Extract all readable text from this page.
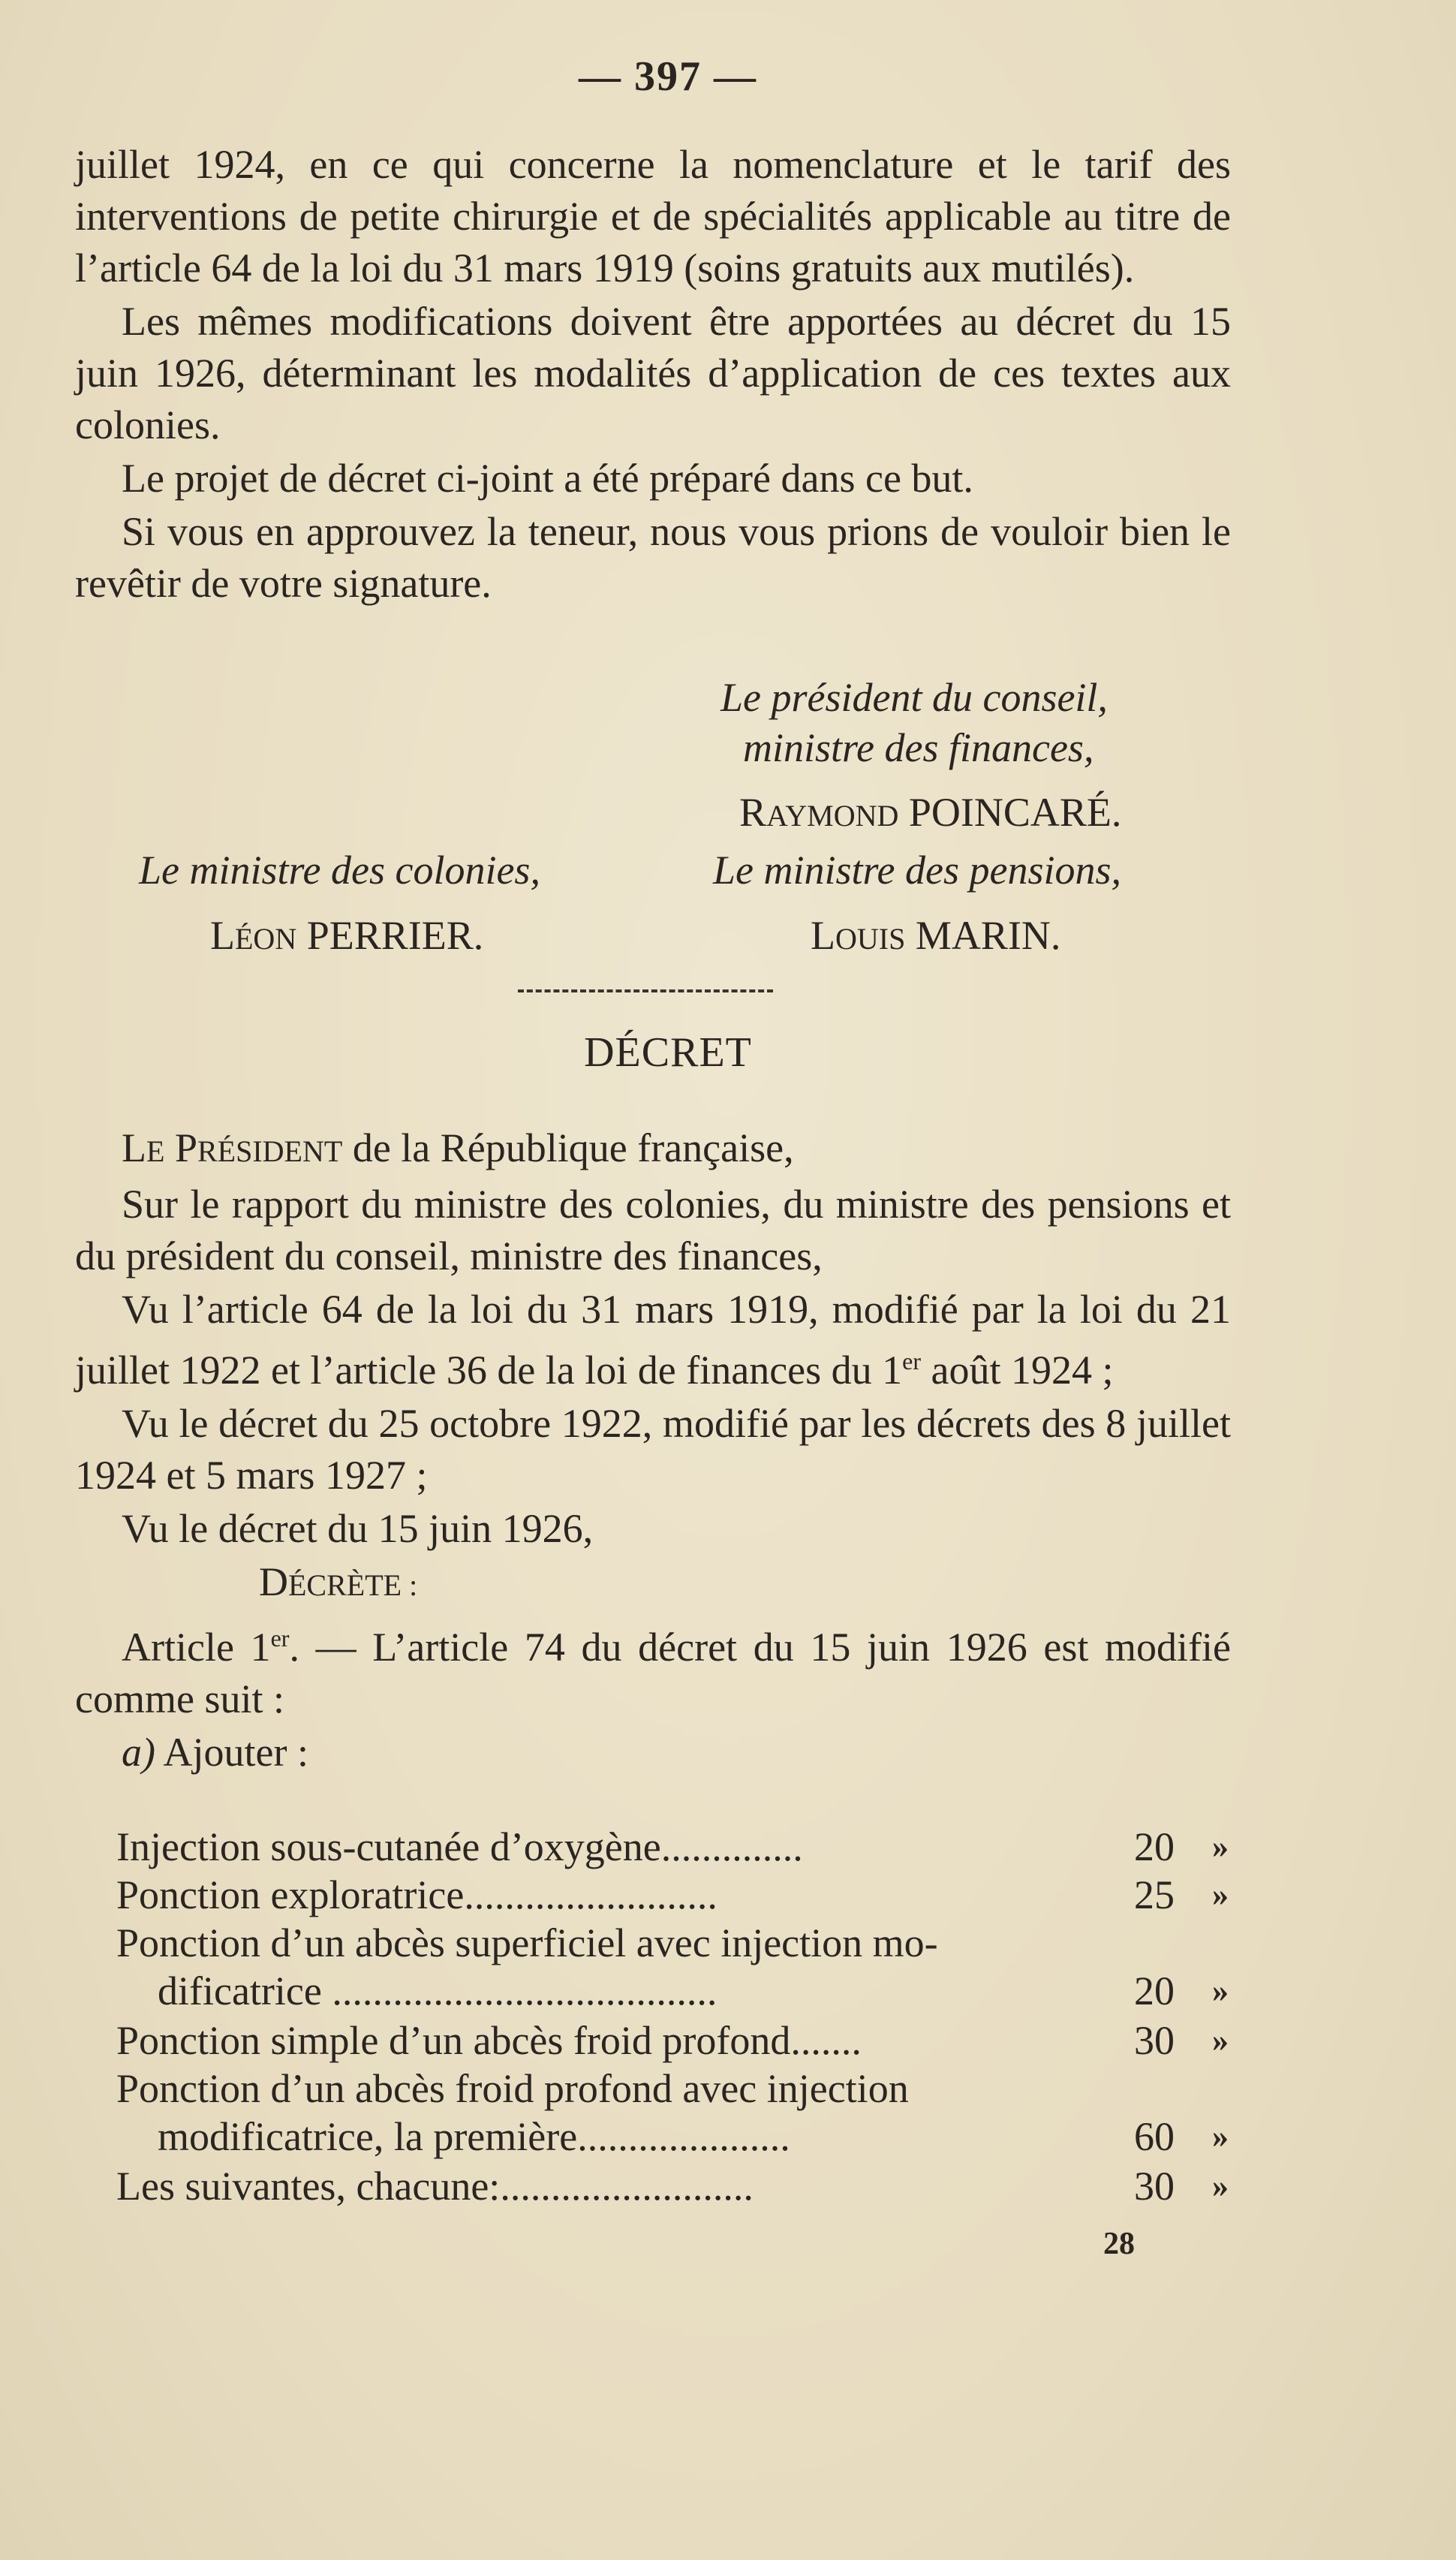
— 397 —

juillet 1924, en ce qui concerne la nomenclature et le tarif des interventions de petite chirurgie et de spécialités applicable au titre de l’article 64 de la loi du 31 mars 1919 (soins gratuits aux mutilés).

Les mêmes modifications doivent être apportées au décret du 15 juin 1926, déterminant les modalités d’application de ces textes aux colonies.

Le projet de décret ci-joint a été préparé dans ce but.

Si vous en approuvez la teneur, nous vous prions de vouloir bien le revêtir de votre signature.

Le président du conseil,
ministre des finances,
RAYMOND POINCARÉ.
Le ministre des colonies,
LÉON PERRIER.
Le ministre des pensions,
LOUIS MARIN.
DÉCRET

LE PRÉSIDENT de la République française,

Sur le rapport du ministre des colonies, du ministre des pensions et du président du conseil, ministre des finances,

Vu l’article 64 de la loi du 31 mars 1919, modifié par la loi du 21 juillet 1922 et l’article 36 de la loi de finances du 1er août 1924 ;

Vu le décret du 25 octobre 1922, modifié par les décrets des 8 juillet 1924 et 5 mars 1927 ;

Vu le décret du 15 juin 1926,

DÉCRÈTE :

Article 1er. — L’article 74 du décret du 15 juin 1926 est modifié comme suit :

a) Ajouter :

Injection sous-cutanée d’oxygène..............	20 »
Ponction exploratrice.........................	25 »
Ponction d’un abcès superficiel avec injection mo-
dificatrice ......................................	20 »
Ponction simple d’un abcès froid profond.......	30 »
Ponction d’un abcès froid profond avec injection
modificatrice, la première.....................	60 »
Les suivantes, chacune:.........................	30 »
28
